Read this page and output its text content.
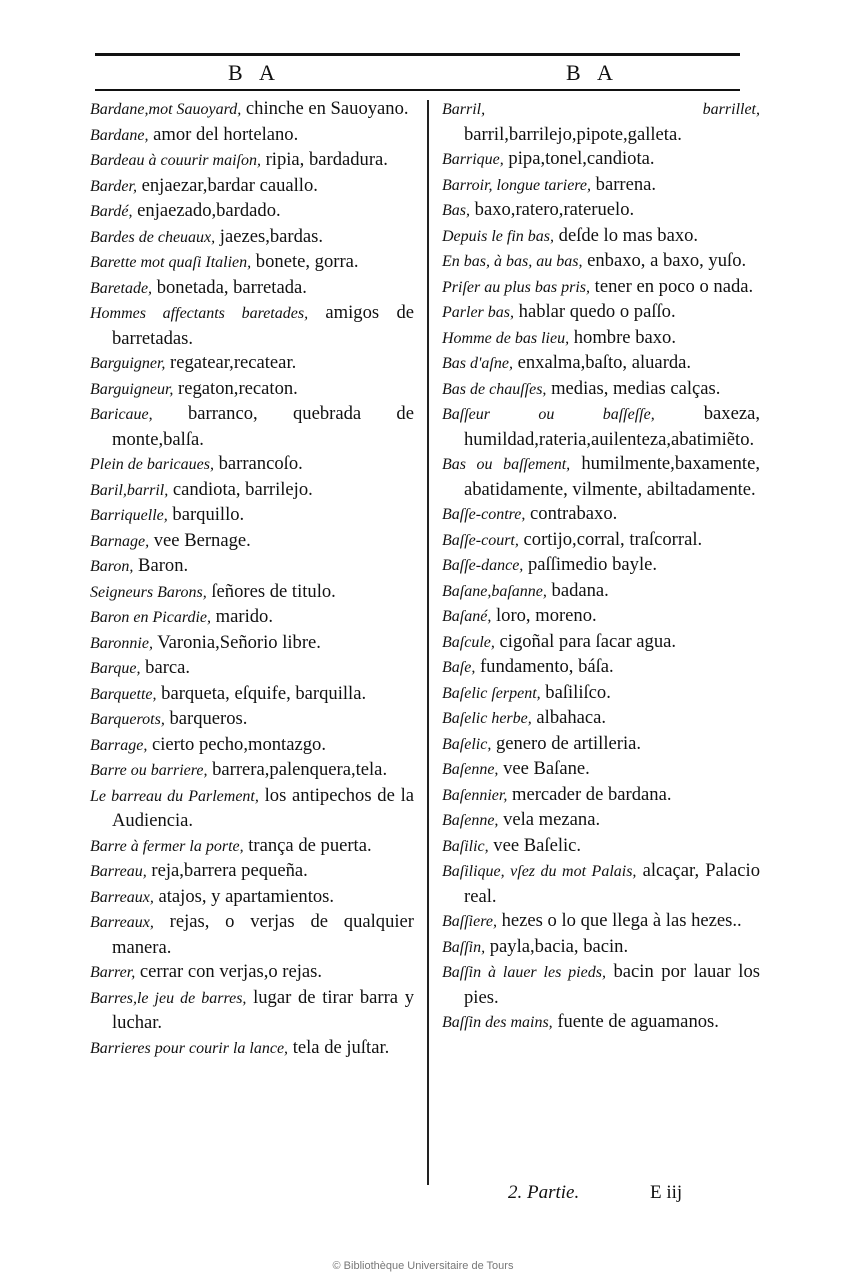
B A	B A
Bardane,mot Sauoyard, chinche en Sauoyano.
Bardane, amor del hortelano.
Bardeau à couurir maiſon, ripia, bardadura.
Barder, enjaezar,bardar cauallo.
Bardé, enjaezado,bardado.
Bardes de cheuaux, jaezes,bardas.
Barette mot quaſi Italien, bonete, gorra.
Baretade, bonetada, barretada.
Hommes affectants baretades, amigos de barretadas.
Barguigner, regatear,recatear.
Barguigneur, regaton,recaton.
Baricaue, barranco, quebrada de monte,balſa.
Plein de baricaues, barrancoſo.
Baril,barril, candiota, barrilejo.
Barriquelle, barquillo.
Barnage, vee Bernage.
Baron, Baron.
Seigneurs Barons, ſeñores de titulo.
Baron en Picardie, marido.
Baronnie, Varonia,Señorio libre.
Barque, barca.
Barquette, barqueta, eſquife, barquilla.
Barquerots, barqueros.
Barrage, cierto pecho,montazgo.
Barre ou barriere, barrera,palenquera,tela.
Le barreau du Parlement, los antipechos de la Audiencia.
Barre à fermer la porte, trança de puerta.
Barreau, reja,barrera pequeña.
Barreaux, atajos, y apartamientos.
Barreaux, rejas, o verjas de qualquier manera.
Barrer, cerrar con verjas,o rejas.
Barres,le jeu de barres, lugar de tirar barra y luchar.
Barrieres pour courir la lance, tela de juſtar.
Barril, barrillet, barril,barrilejo,pipote,galleta.
Barrique, pipa,tonel,candiota.
Barroir, longue tariere, barrena.
Bas, baxo,ratero,rateruelo.
Depuis le fin bas, deſde lo mas baxo.
En bas, à bas, au bas, enbaxo, a baxo, yuſo.
Priſer au plus bas pris, tener en poco o nada.
Parler bas, hablar quedo o paſſo.
Homme de bas lieu, hombre baxo.
Bas d'aſne, enxalma,baſto, aluarda.
Bas de chauſſes, medias, medias calças.
Baſſeur ou baſſeſſe, baxeza, humildad,rateria,auilenteza,abatimiẽto.
Bas ou baſſement, humilmente,baxamente, abatidamente, vilmente, abiltadamente.
Baſſe-contre, contrabaxo.
Baſſe-court, cortijo,corral, traſcorral.
Baſſe-dance, paſſimedio bayle.
Baſane,baſanne, badana.
Baſané, loro, moreno.
Baſcule, cigoñal para ſacar agua.
Baſe, fundamento, báſa.
Baſelic ſerpent, baſiliſco.
Baſelic herbe, albahaca.
Baſelic, genero de artilleria.
Baſenne, vee Baſane.
Baſennier, mercader de bardana.
Baſenne, vela mezana.
Baſilic, vee Baſelic.
Baſilique, vſez du mot Palais, alcaçar, Palacio real.
Baſſiere, hezes o lo que llega à las hezes..
Baſſin, payla,bacia, bacin.
Baſſin à lauer les pieds, bacin por lauar los pies.
Baſſin des mains, fuente de aguamanos.
2. Partie.	E iij
© Bibliothèque Universitaire de Tours
